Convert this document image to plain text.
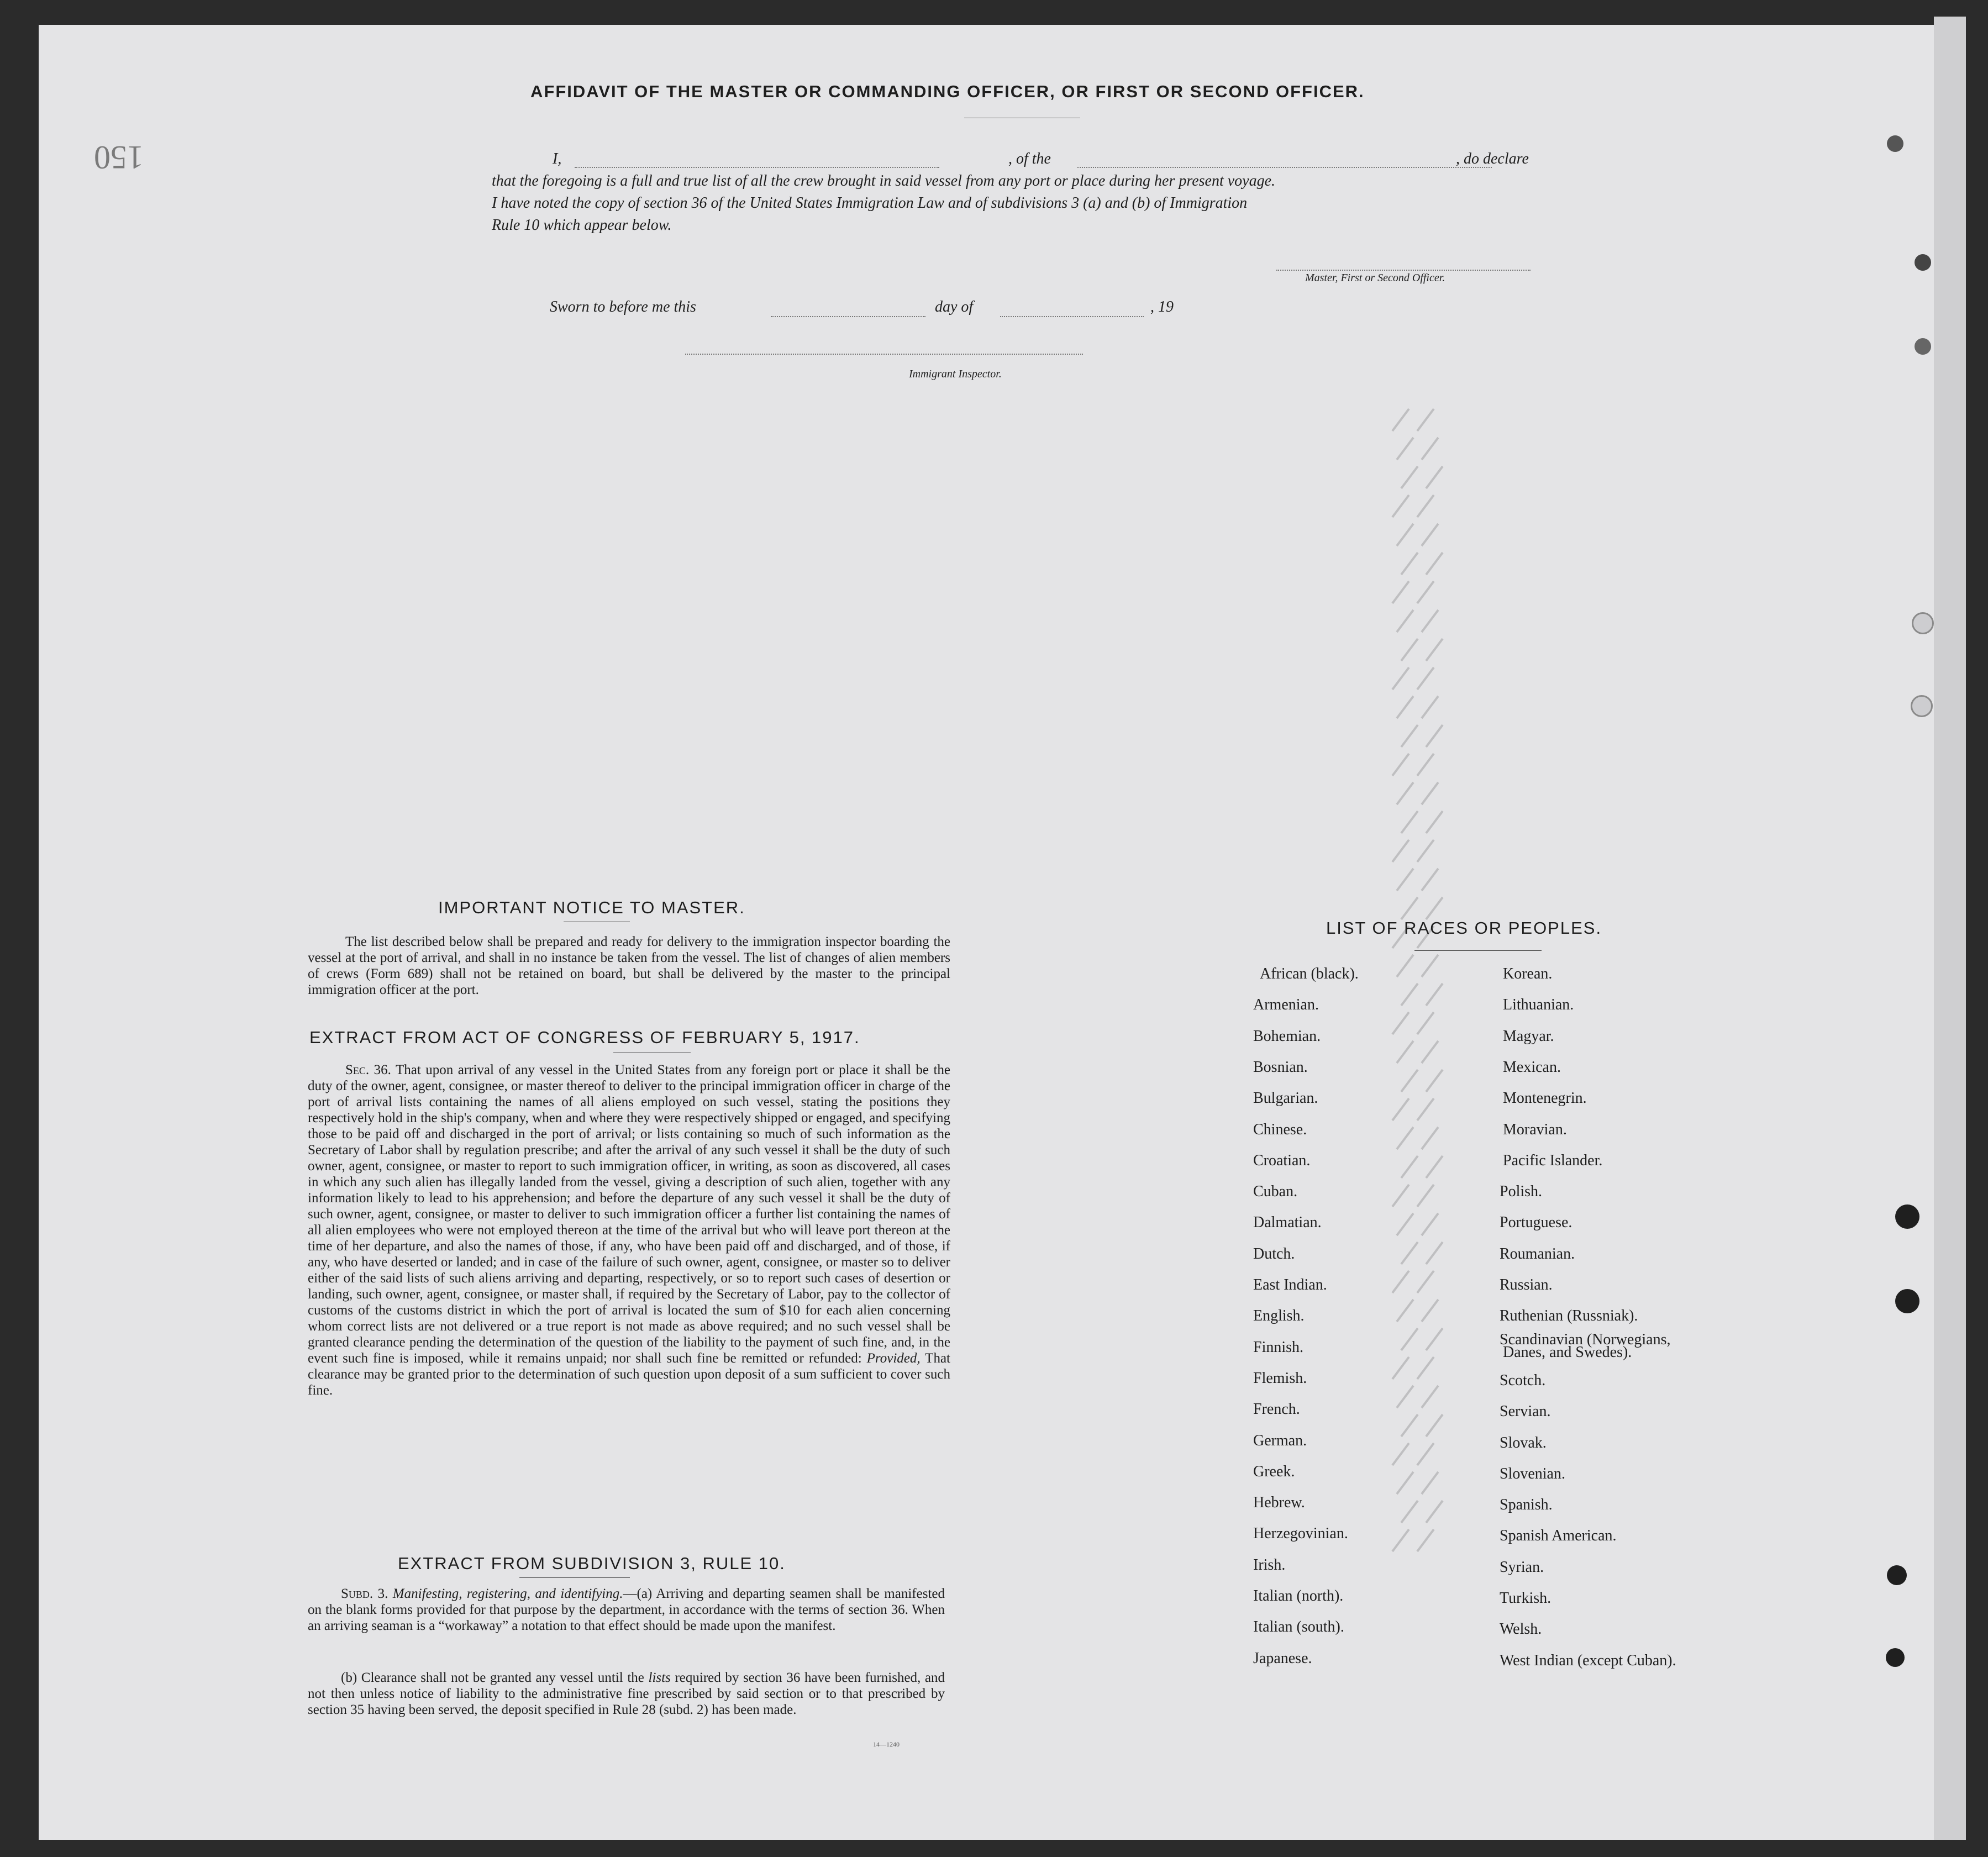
150
AFFIDAVIT OF THE MASTER OR COMMANDING OFFICER, OR FIRST OR SECOND OFFICER.
I,	, of the	, do declare
that the foregoing is a full and true list of all the crew brought in said vessel from any port or place during her present voyage.
I have noted the copy of section 36 of the United States Immigration Law and of subdivisions 3 (a) and (b) of Immigration
Rule 10 which appear below.
Master, First or Second Officer.
Sworn to before me this	day of	, 19
Immigrant Inspector.
IMPORTANT NOTICE TO MASTER.
The list described below shall be prepared and ready for delivery to the immigration inspector boarding the vessel at the port of arrival, and shall in no instance be taken from the vessel. The list of changes of alien members of crews (Form 689) shall not be retained on board, but shall be delivered by the master to the principal immigration officer at the port.
EXTRACT FROM ACT OF CONGRESS OF FEBRUARY 5, 1917.
Sec. 36. That upon arrival of any vessel in the United States from any foreign port or place it shall be the duty of the owner, agent, consignee, or master thereof to deliver to the principal immigration officer in charge of the port of arrival lists containing the names of all aliens employed on such vessel, stating the positions they respectively hold in the ship's company, when and where they were respectively shipped or engaged, and specifying those to be paid off and discharged in the port of arrival; or lists containing so much of such information as the Secretary of Labor shall by regulation prescribe; and after the arrival of any such vessel it shall be the duty of such owner, agent, consignee, or master to report to such immigration officer, in writing, as soon as discovered, all cases in which any such alien has illegally landed from the vessel, giving a description of such alien, together with any information likely to lead to his apprehension; and before the departure of any such vessel it shall be the duty of such owner, agent, consignee, or master to deliver to such immigration officer a further list containing the names of all alien employees who were not employed thereon at the time of the arrival but who will leave port thereon at the time of her departure, and also the names of those, if any, who have been paid off and discharged, and of those, if any, who have deserted or landed; and in case of the failure of such owner, agent, consignee, or master so to deliver either of the said lists of such aliens arriving and departing, respectively, or so to report such cases of desertion or landing, such owner, agent, consignee, or master shall, if required by the Secretary of Labor, pay to the collector of customs of the customs district in which the port of arrival is located the sum of $10 for each alien concerning whom correct lists are not delivered or a true report is not made as above required; and no such vessel shall be granted clearance pending the determination of the question of the liability to the payment of such fine, and, in the event such fine is imposed, while it remains unpaid; nor shall such fine be remitted or refunded: Provided, That clearance may be granted prior to the determination of such question upon deposit of a sum sufficient to cover such fine.
EXTRACT FROM SUBDIVISION 3, RULE 10.
Subd. 3. Manifesting, registering, and identifying.—(a) Arriving and departing seamen shall be manifested on the blank forms provided for that purpose by the department, in accordance with the terms of section 36. When an arriving seaman is a “workaway” a notation to that effect should be made upon the manifest.
(b) Clearance shall not be granted any vessel until the lists required by section 36 have been furnished, and not then unless notice of liability to the administrative fine prescribed by said section or to that prescribed by section 35 having been served, the deposit specified in Rule 28 (subd. 2) has been made.
14—1240
LIST OF RACES OR PEOPLES.
African (black).
Armenian.
Bohemian.
Bosnian.
Bulgarian.
Chinese.
Croatian.
Cuban.
Dalmatian.
Dutch.
East Indian.
English.
Finnish.
Flemish.
French.
German.
Greek.
Hebrew.
Herzegovinian.
Irish.
Italian (north).
Italian (south).
Japanese.
Korean.
Lithuanian.
Magyar.
Mexican.
Montenegrin.
Moravian.
Pacific Islander.
Polish.
Portuguese.
Roumanian.
Russian.
Ruthenian (Russniak).
Scandinavian (Norwegians,
Scotch.
Servian.
Slovak.
Slovenian.
Spanish.
Spanish American.
Syrian.
Turkish.
Welsh.
West Indian (except Cuban).
Danes, and Swedes).
